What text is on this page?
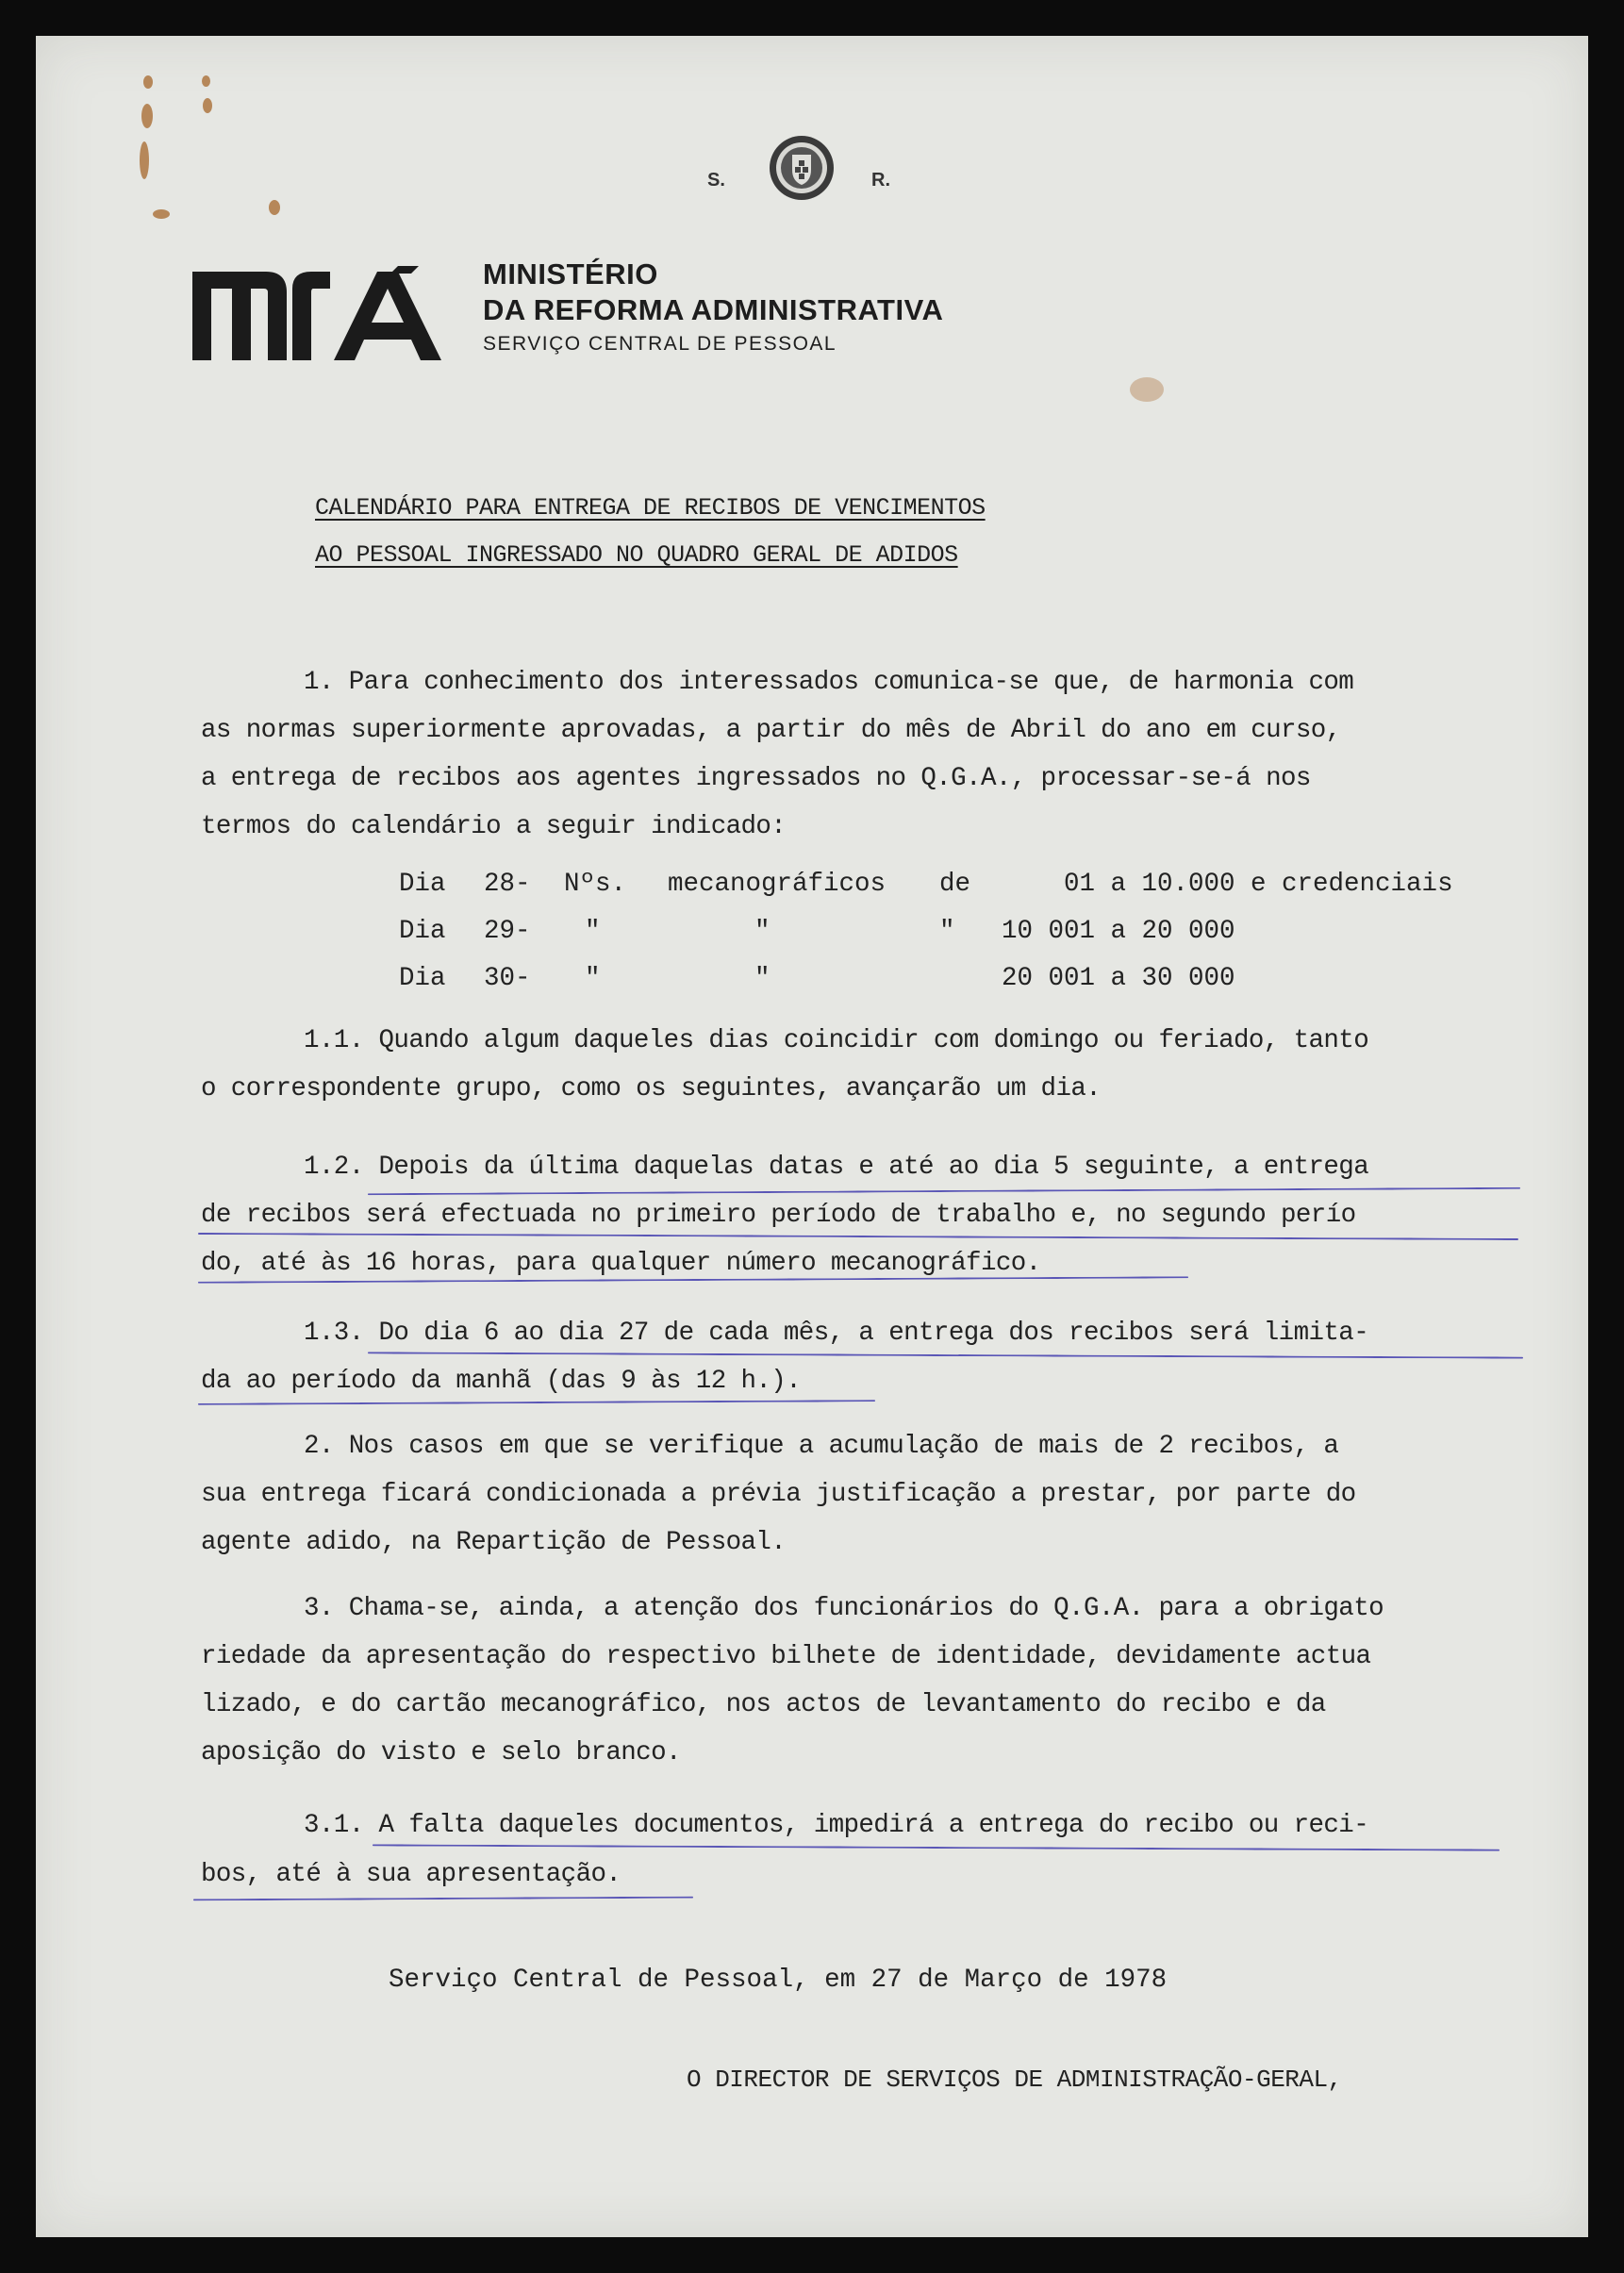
S.	R.
MINISTÉRIO
DA REFORMA ADMINISTRATIVA
SERVIÇO CENTRAL DE PESSOAL
CALENDÁRIO PARA ENTREGA DE RECIBOS DE VENCIMENTOS
AO PESSOAL INGRESSADO NO QUADRO GERAL DE ADIDOS
1. Para conhecimento dos interessados comunica-se que, de harmonia com
as normas superiormente aprovadas, a partir do mês de Abril do ano em curso,
a entrega de recibos aos agentes ingressados no Q.G.A., processar-se-á nos
termos do calendário a seguir indicado:
Dia 28- Nºs. mecanográficos de	01 a 10.000 e credenciais
Dia 29- "	"	" 10 001 a 20 000
Dia 30- "	"	20 001 a 30 000
1.1. Quando algum daqueles dias coincidir com domingo ou feriado, tanto
o correspondente grupo, como os seguintes, avançarão um dia.
1.2. Depois da última daquelas datas e até ao dia 5 seguinte, a entrega
de recibos será efectuada no primeiro período de trabalho e, no segundo perío
do, até às 16 horas, para qualquer número mecanográfico.
1.3. Do dia 6 ao dia 27 de cada mês, a entrega dos recibos será limita-
da ao período da manhã (das 9 às 12 h.).
2. Nos casos em que se verifique a acumulação de mais de 2 recibos, a
sua entrega ficará condicionada a prévia justificação a prestar, por parte do
agente adido, na Repartição de Pessoal.
3. Chama-se, ainda, a atenção dos funcionários do Q.G.A. para a obrigato
riedade da apresentação do respectivo bilhete de identidade, devidamente actua
lizado, e do cartão mecanográfico, nos actos de levantamento do recibo e da
aposição do visto e selo branco.
3.1. A falta daqueles documentos, impedirá a entrega do recibo ou reci-
bos, até à sua apresentação.
Serviço Central de Pessoal, em 27 de Março de 1978
O DIRECTOR DE SERVIÇOS DE ADMINISTRAÇÃO-GERAL,
